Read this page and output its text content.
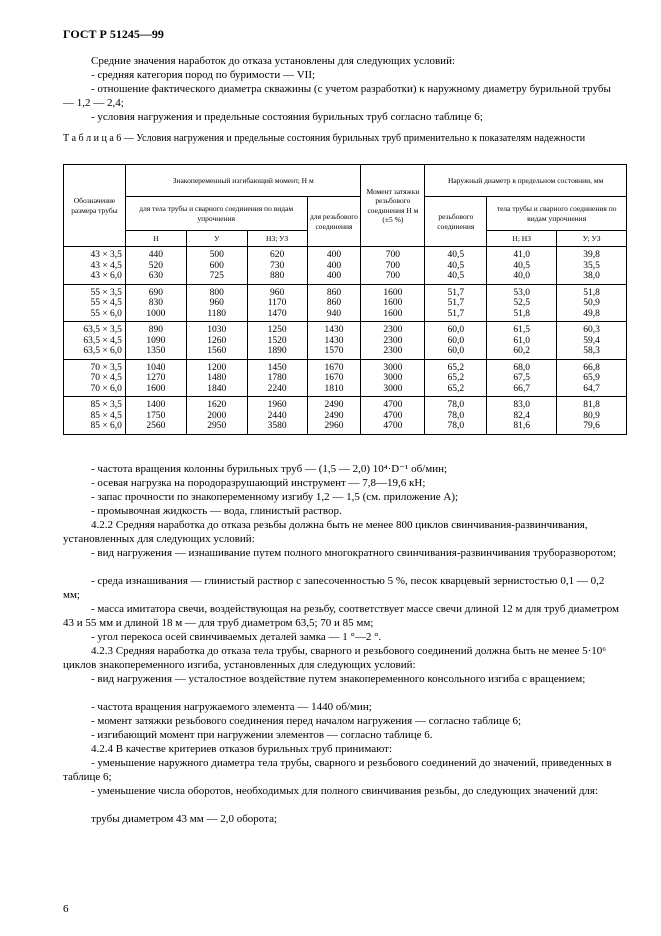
ГОСТ Р 51245—99
Средние значения наработок до отказа установлены для следующих условий:
- средняя категория пород по буримости — VII;
- отношение фактического диаметра скважины (с учетом разработки) к наружному диаметру бурильной трубы — 1,2 — 2,4;
- условия нагружения и предельные состояния бурильных труб согласно таблице 6;
Т а б л и ц а 6 — Условия нагружения и предельные состояния бурильных труб применительно к показателям надежности
Обозначение размера трубы	Знакопеременный изгибающий момент, Н м				Момент затяжки резьбового соединения Н м (±5 %)	Наружный диаметр в предельном состоянии, мм		
	для тела трубы и сварного соединения по видам упрочнения			для резьбового соединения		резьбового соединения	тела трубы и сварного соединения по видам упрочнения	
	Н	У	НЗ; УЗ				Н; НЗ	У; УЗ
43 × 3,5	440	500	620	400	700	40,5	41,0	39,8
43 × 4,5	520	600	730	400	700	40,5	40,5	35,5
43 × 6,0	630	725	880	400	700	40,5	40,0	38,0
55 × 3,5	690	800	960	860	1600	51,7	53,0	51,8
55 × 4,5	830	960	1170	860	1600	51,7	52,5	50,9
55 × 6,0	1000	1180	1470	940	1600	51,7	51,8	49,8
63,5 × 3,5	890	1030	1250	1430	2300	60,0	61,5	60,3
63,5 × 4,5	1090	1260	1520	1430	2300	60,0	61,0	59,4
63,5 × 6,0	1350	1560	1890	1570	2300	60,0	60,2	58,3
70 × 3,5	1040	1200	1450	1670	3000	65,2	68,0	66,8
70 × 4,5	1270	1480	1780	1670	3000	65,2	67,5	65,9
70 × 6,0	1600	1840	2240	1810	3000	65,2	66,7	64,7
85 × 3,5	1400	1620	1960	2490	4700	78,0	83,0	81,8
85 × 4,5	1750	2000	2440	2490	4700	78,0	82,4	80,9
85 × 6,0	2560	2950	3580	2960	4700	78,0	81,6	79,6
- частота вращения колонны бурильных труб — (1,5 — 2,0) 10⁴·D⁻¹ об/мин;
- осевая нагрузка на породоразрушающий инструмент — 7,8—19,6 кН;
- запас прочности по знакопеременному изгибу 1,2 — 1,5 (см. приложение А);
- промывочная жидкость — вода, глинистый раствор.
4.2.2 Средняя наработка до отказа резьбы должна быть не менее 800 циклов свинчивания-развинчивания, установленных для следующих условий:
- вид нагружения — изнашивание путем полного многократного свинчивания-развинчивания труборазворотом;
- среда изнашивания — глинистый раствор с запесоченностью 5 %, песок кварцевый зернистостью 0,1 — 0,2 мм;
- масса имитатора свечи, воздействующая на резьбу, соответствует массе свечи длиной 12 м для труб диаметром 43 и 55 мм и длиной 18 м — для труб диаметром 63,5; 70 и 85 мм;
- угол перекоса осей свинчиваемых деталей замка — 1 °—2 °.
4.2.3 Средняя наработка до отказа тела трубы, сварного и резьбового соединений должна быть не менее 5·10⁶ циклов знакопеременного изгиба, установленных для следующих условий:
- вид нагружения — усталостное воздействие путем знакопеременного консольного изгиба с вращением;
- частота вращения нагружаемого элемента — 1440 об/мин;
- момент затяжки резьбового соединения перед началом нагружения — согласно таблице 6;
- изгибающий момент при нагружении элементов — согласно таблице 6.
4.2.4 В качестве критериев отказов бурильных труб принимают:
- уменьшение наружного диаметра тела трубы, сварного и резьбового соединений до значений, приведенных в таблице 6;
- уменьшение числа оборотов, необходимых для полного свинчивания резьбы, до следующих значений для:
трубы диаметром 43 мм — 2,0 оборота;
6
